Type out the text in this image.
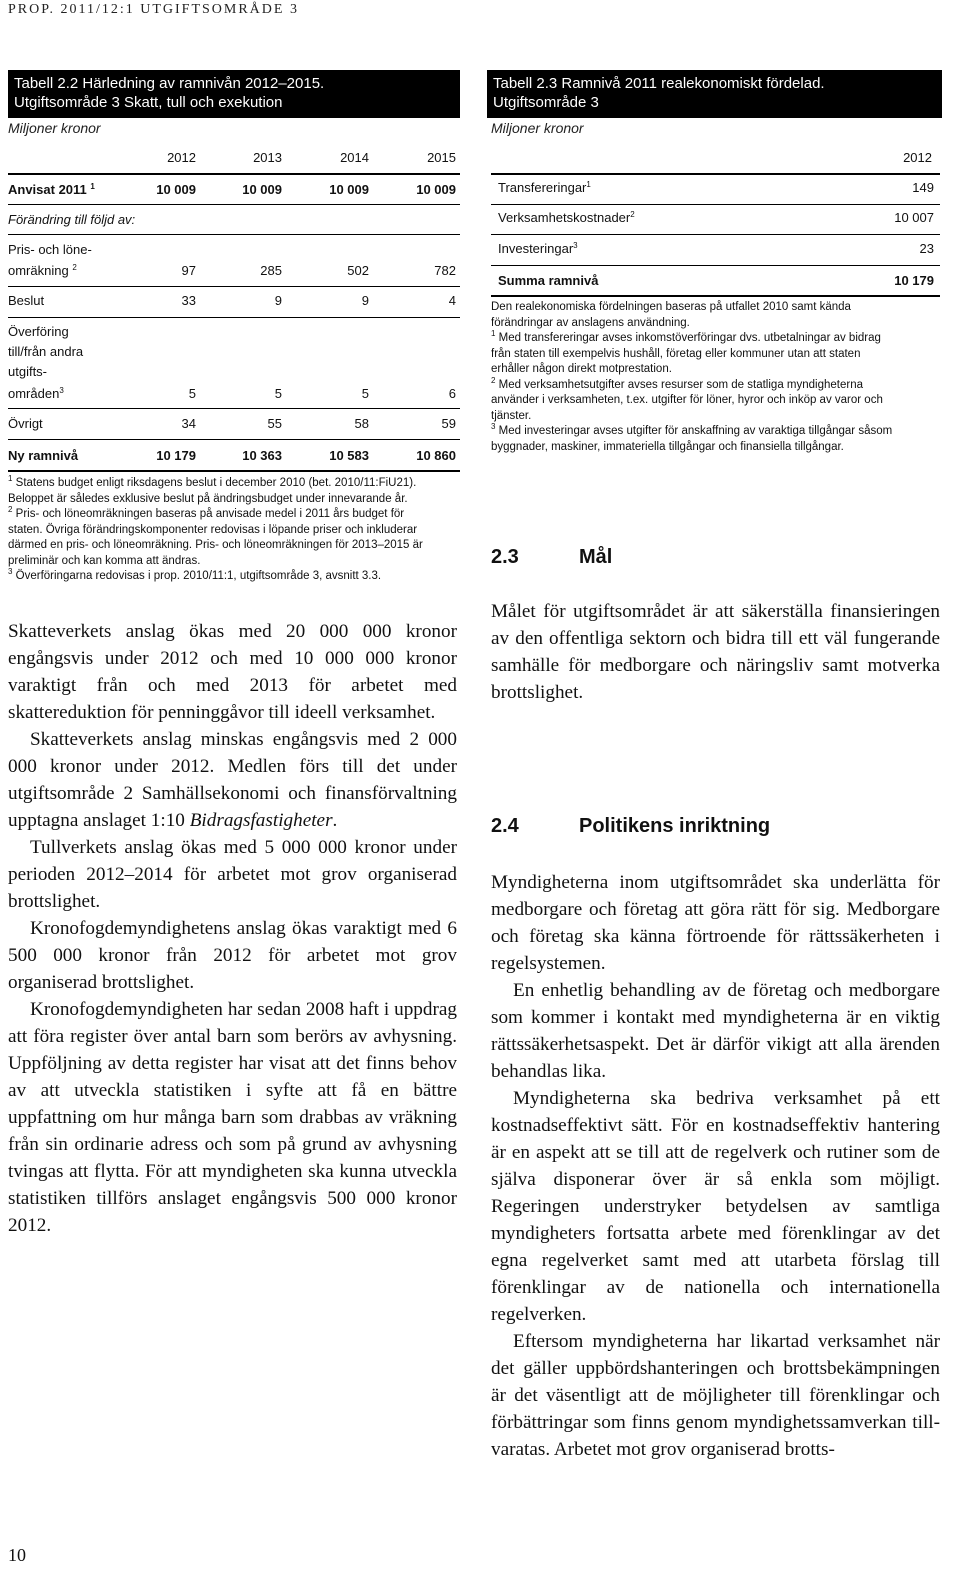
PROP. 2011/12:1 UTGIFTSOMRÅDE 3
Tabell 2.2 Härledning av ramnivån 2012–2015.
Utgiftsområde 3 Skatt, tull och exekution
Miljoner kronor
2012	2013	2014	2015
Anvisat 2011 $^1$	10 009	10 009	10 009	10 009
Förändring till följd av:
Pris- och löne-
omräkning $^2$	97	285	502	782
Beslut	33	9	9	4
Överföring
till/från andra
utgifts-
områden$^3$	5	5	5	6
Övrigt	34	55	58	59
Ny ramnivå	10 179	10 363	10 583	10 860

$^1$ Statens budget enligt riksdagens beslut i december 2010 (bet. 2010/11:FiU21).

Beloppet är således exklusive beslut på ändringsbudget under innevarande år.

$^2$ Pris- och löneomräkningen baseras på anvisade medel i 2011 års budget för

staten. Övriga förändringskomponenter redovisas i löpande priser och inkluderar

därmed en pris- och löneomräkning. Pris- och löneomräkningen för 2013–2015 är

preliminär och kan komma att ändras.

$^3$ Överföringarna redovisas i prop. 2010/11:1, utgiftsområde 3, avsnitt 3.3.

Skatteverkets anslag ökas med 20 000 000 kronor engångsvis under 2012 och med 10 000 000 kronor varaktigt från och med 2013 för arbetet med skattereduktion för penninggåvor till ideell verksamhet.

Skatteverkets anslag minskas engångsvis med 2 000 000 kronor under 2012. Medlen förs till det under utgiftsområde 2 Samhällsekonomi och finansförvaltning upptagna anslaget 1:10 Bidragsfastigheter.

Tullverkets anslag ökas med 5 000 000 kronor under perioden 2012–2014 för arbetet mot grov organiserad brottslighet.

Kronofogdemyndighetens anslag ökas varaktigt med 6 500 000 kronor från 2012 för arbetet mot grov organiserad brottslighet.

Kronofogdemyndigheten har sedan 2008 haft i uppdrag att föra register över antal barn som berörs av avhysning. Uppföljning av detta register har visat att det finns behov av att utveckla statistiken i syfte att få en bättre uppfattning om hur många barn som drabbas av vräkning från sin ordinarie adress och som på grund av avhysning tvingas att flytta. För att myndigheten ska kunna utveckla statistiken tillförs anslaget engångsvis 500 000 kronor 2012.

Tabell 2.3 Ramnivå 2011 realekonomiskt fördelad.
Utgiftsområde 3
Miljoner kronor
2012
Transfereringar$^1$	149
Verksamhetskostnader$^2$	10 007
Investeringar$^3$	23
Summa ramnivå	10 179

Den realekonomiska fördelningen baseras på utfallet 2010 samt kända

förändringar av anslagens användning.

$^1$ Med transfereringar avses inkomstöverföringar dvs. utbetalningar av bidrag

från staten till exempelvis hushåll, företag eller kommuner utan att staten

erhåller någon direkt motprestation.

$^2$ Med verksamhetsutgifter avses resurser som de statliga myndigheterna

använder i verksamheten, t.ex. utgifter för löner, hyror och inköp av varor och

tjänster.

$^3$ Med investeringar avses utgifter för anskaffning av varaktiga tillgångar såsom

byggnader, maskiner, immateriella tillgångar och finansiella tillgångar.

2.3	Mål

Målet för utgiftsområdet är att säkerställa finansieringen av den offentliga sektorn och bidra till ett väl fungerande samhälle för medborgare och näringsliv samt motverka brottslighet.

2.4	Politikens inriktning

Myndigheterna inom utgiftsområdet ska underlätta för medborgare och företag att göra rätt för sig. Medborgare och företag ska känna förtroende för rättssäkerheten i regelsystemen.

En enhetlig behandling av de företag och medborgare som kommer i kontakt med myndigheterna är en viktig rättssäkerhetsaspekt. Det är därför vikigt att alla ärenden behandlas lika.

Myndigheterna ska bedriva verksamhet på ett kostnadseffektivt sätt. För en kostnadseffektiv hantering är en aspekt att se till att de regelverk och rutiner som de själva disponerar över är så enkla som möjligt. Regeringen understryker betydelsen av samtliga myndigheters fortsatta arbete med förenklingar av det egna regelverket samt med att utarbeta förslag till förenklingar av de nationella och internationella regelverken.

Eftersom myndigheterna har likartad verksamhet när det gäller uppbördshanteringen och brottsbekämpningen är det väsentligt att de möjligheter till förenklingar och förbättringar som finns genom myndighetssamverkan till-varatas. Arbetet mot grov organiserad brotts-

10
